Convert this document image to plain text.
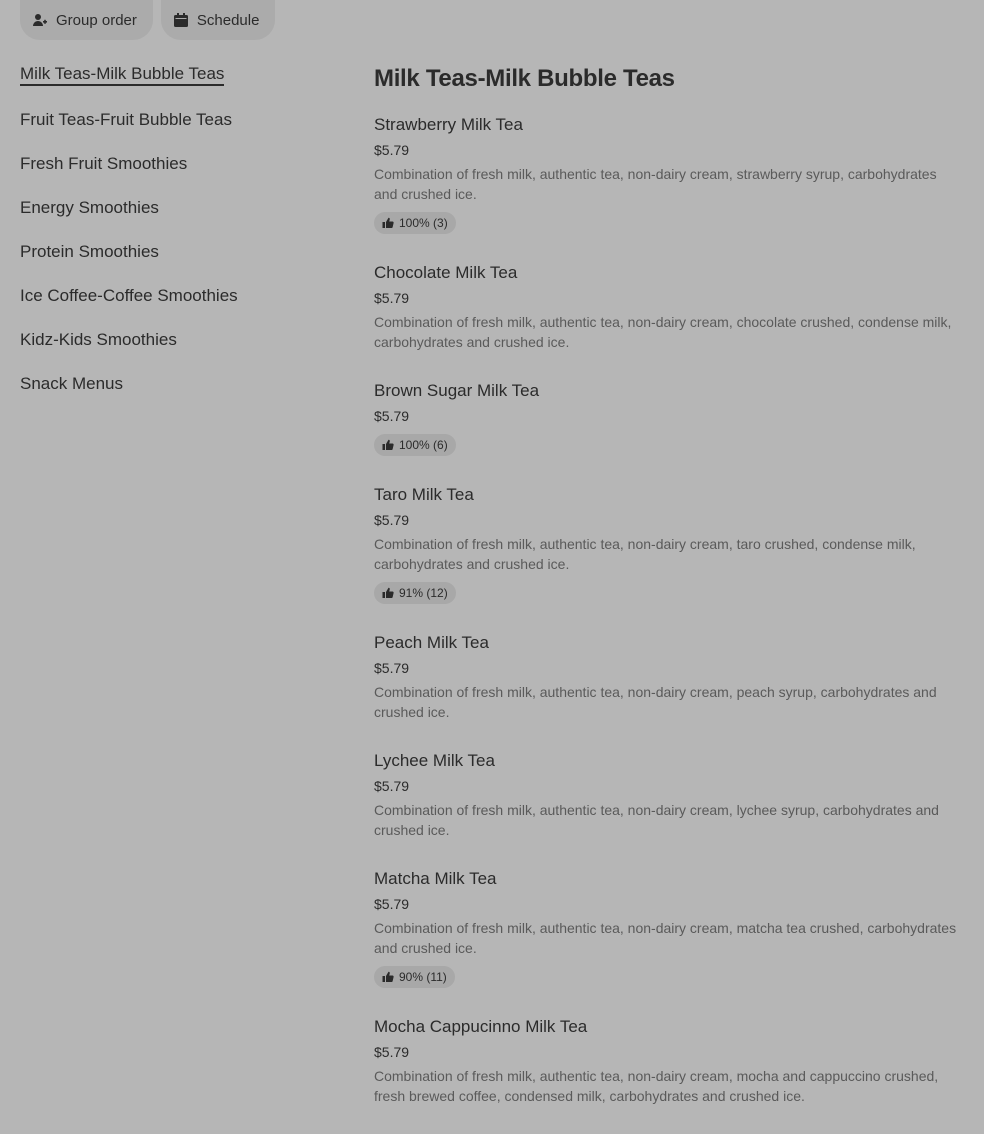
Group order	Schedule
Milk Teas-Milk Bubble Teas
Fruit Teas-Fruit Bubble Teas
Fresh Fruit Smoothies
Energy Smoothies
Protein Smoothies
Ice Coffee-Coffee Smoothies
Kidz-Kids Smoothies
Snack Menus
Milk Teas-Milk Bubble Teas
Strawberry Milk Tea
$5.79
Combination of fresh milk, authentic tea, non-dairy cream, strawberry syrup, carbohydrates and crushed ice.
100% (3)
Chocolate Milk Tea
$5.79
Combination of fresh milk, authentic tea, non-dairy cream, chocolate crushed, condense milk, carbohydrates and crushed ice.
Brown Sugar Milk Tea
$5.79
100% (6)
Taro Milk Tea
$5.79
Combination of fresh milk, authentic tea, non-dairy cream, taro crushed, condense milk, carbohydrates and crushed ice.
91% (12)
Peach Milk Tea
$5.79
Combination of fresh milk, authentic tea, non-dairy cream, peach syrup, carbohydrates and crushed ice.
Lychee Milk Tea
$5.79
Combination of fresh milk, authentic tea, non-dairy cream, lychee syrup, carbohydrates and crushed ice.
Matcha Milk Tea
$5.79
Combination of fresh milk, authentic tea, non-dairy cream, matcha tea crushed, carbohydrates and crushed ice.
90% (11)
Mocha Cappucinno Milk Tea
$5.79
Combination of fresh milk, authentic tea, non-dairy cream, mocha and cappuccino crushed, fresh brewed coffee, condensed milk, carbohydrates and crushed ice.
